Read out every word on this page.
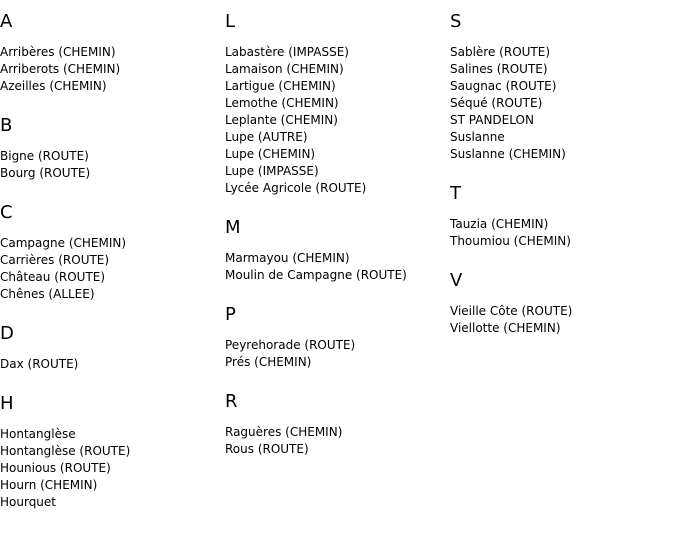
A
Arribères (CHEMIN)
Arriberots (CHEMIN)
Azeilles (CHEMIN)
B
Bigne (ROUTE)
Bourg (ROUTE)
C
Campagne (CHEMIN)
Carrières (ROUTE)
Château (ROUTE)
Chênes (ALLEE)
D
Dax (ROUTE)
H
Hontanglèse
Hontanglèse (ROUTE)
Hounious (ROUTE)
Hourn (CHEMIN)
Hourquet
L
Labastère (IMPASSE)
Lamaison (CHEMIN)
Lartigue (CHEMIN)
Lemothe (CHEMIN)
Leplante (CHEMIN)
Lupe (AUTRE)
Lupe (CHEMIN)
Lupe (IMPASSE)
Lycée Agricole (ROUTE)
M
Marmayou (CHEMIN)
Moulin de Campagne (ROUTE)
P
Peyrehorade (ROUTE)
Prés (CHEMIN)
R
Raguères (CHEMIN)
Rous (ROUTE)
S
Sablère (ROUTE)
Salines (ROUTE)
Saugnac (ROUTE)
Séqué (ROUTE)
ST PANDELON
Suslanne
Suslanne (CHEMIN)
T
Tauzia (CHEMIN)
Thoumiou (CHEMIN)
V
Vieille Côte (ROUTE)
Viellotte (CHEMIN)
